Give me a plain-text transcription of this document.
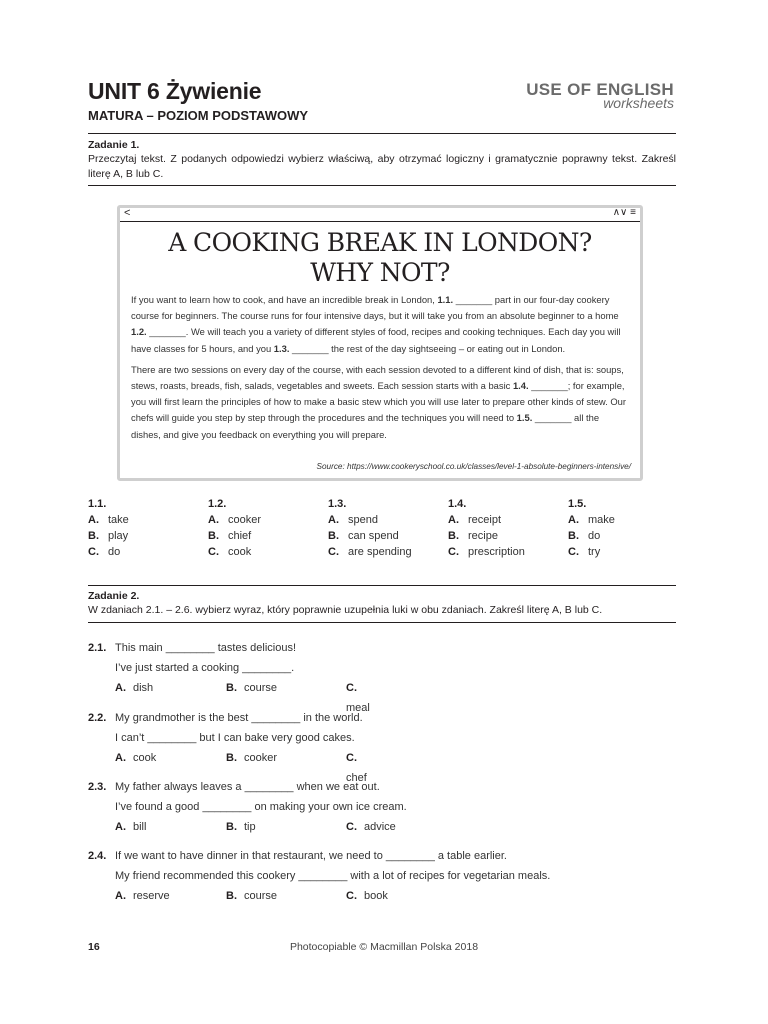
UNIT 6 Żywienie
MATURA – POZIOM PODSTAWOWY
USE OF ENGLISH
worksheets
Zadanie 1.
Przeczytaj tekst. Z podanych odpowiedzi wybierz właściwą, aby otrzymać logiczny i gramatycznie poprawny tekst. Zakreśl literę A, B lub C.
<	∧∨ ≡
A COOKING BREAK IN LONDON?
WHY NOT?

If you want to learn how to cook, and have an incredible break in London, 1.1. _______ part in our four-day cookery course for beginners. The course runs for four intensive days, but it will take you from an absolute beginner to a home 1.2. _______. We will teach you a variety of different styles of food, recipes and cooking techniques. Each day you will have classes for 5 hours, and you 1.3. _______ the rest of the day sightseeing – or eating out in London.

There are two sessions on every day of the course, with each session devoted to a different kind of dish, that is: soups, stews, roasts, breads, fish, salads, vegetables and sweets. Each session starts with a basic 1.4. _______; for example, you will first learn the principles of how to make a basic stew which you will use later to prepare other kinds of stew. Our chefs will guide you step by step through the procedures and the techniques you will need to 1.5. _______ all the dishes, and give you feedback on everything you will prepare.

Source: https://www.cookeryschool.co.uk/classes/level-1-absolute-beginners-intensive/
1.1.
A. take
B. play
C. do
1.2.
A. cooker
B. chief
C. cook
1.3.
A. spend
B. can spend
C. are spending
1.4.
A. receipt
B. recipe
C. prescription
1.5.
A. make
B. do
C. try
Zadanie 2.
W zdaniach 2.1. – 2.6. wybierz wyraz, który poprawnie uzupełnia luki w obu zdaniach. Zakreśl literę A, B lub C.
2.1. This main ________ tastes delicious!
I’ve just started a cooking ________.
A. dish	B. course	C.meal
2.2. My grandmother is the best ________ in the world.
I can’t ________ but I can bake very good cakes.
A. cook	B. cooker	C.chef
2.3. My father always leaves a ________ when we eat out.
I’ve found a good ________ on making your own ice cream.
A. bill	B. tip	C. advice
2.4. If we want to have dinner in that restaurant, we need to ________ a table earlier.
My friend recommended this cookery ________ with a lot of recipes for vegetarian meals.
A. reserve	B. course	C. book
16	Photocopiable © Macmillan Polska 2018
